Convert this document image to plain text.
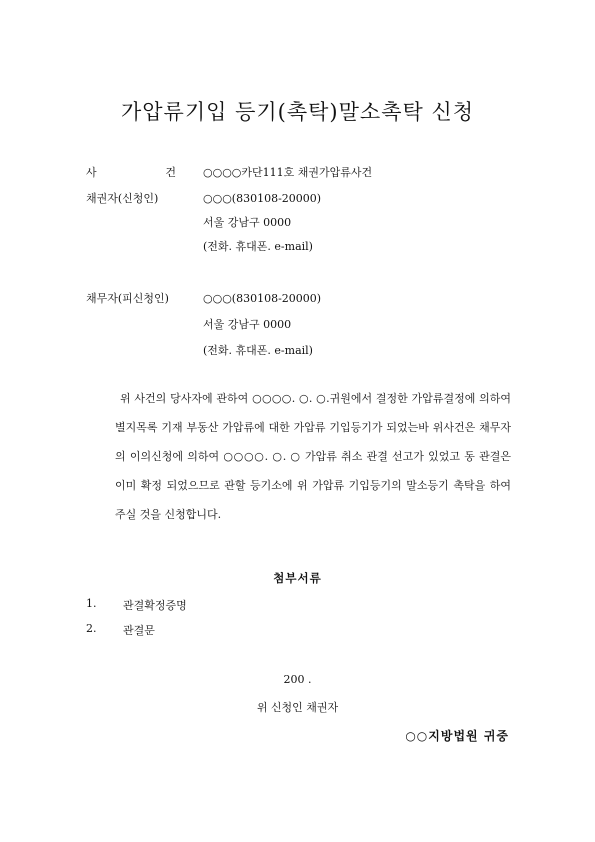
가압류기입 등기(촉탁)말소촉탁 신청
사	건 ○○○○카단111호 채권가압류사건
채권자(신청인)	○○○(830108-20000)
서울 강남구 0000
(전화. 휴대폰. e-mail)
채무자(피신청인)	○○○(830108-20000)
서울 강남구 0000
(전화. 휴대폰. e-mail)
위 사건의 당사자에 관하여 ○○○○. ○. ○.귀원에서 결정한 가압류결정에 의하여 별지목록 기재 부동산 가압류에 대한 가압류 기입등기가 되었는바 위사건은 채무자의 이의신청에 의하여 ○○○○. ○. ○ 가압류 취소 관결 선고가 있었고 동 관결은 이미 확정 되었으므로 관할 등기소에 위 가압류 기입등기의 말소등기 촉탁을 하여 주실 것을 신청합니다.
첨부서류
1. 관결확정증명
2. 관결문
200 .
위 신청인 채권자
○○지방법원 귀중
